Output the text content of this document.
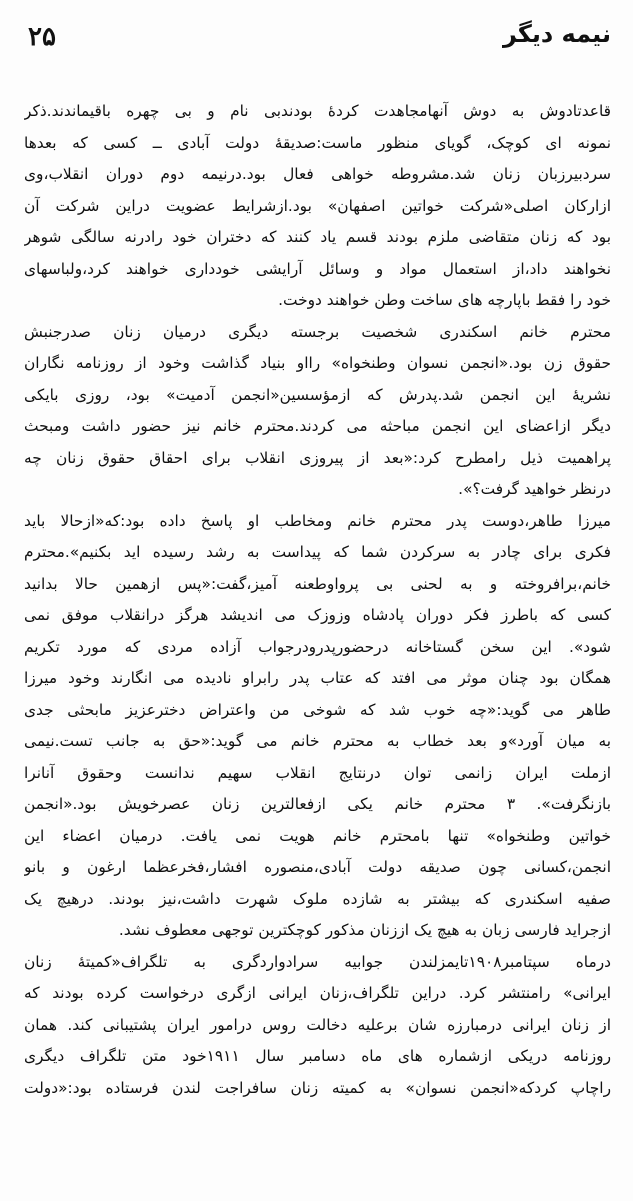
۲۵	نیمه دیگر
قاعدتادوش به دوش آنهامجاهدت کردهٔ بودندبی نام و بی چهره باقیماندند.ذکر
نمونه ای کوچک، گویای منظور ماست:صدیقهٔ دولت آبادی ــ کسی که بعدها
سردبیرزبان زنان شد.مشروطه خواهی فعال بود.درنیمه دوم دوران انقلاب،وی
ازارکان اصلی«شرکت خواتین اصفهان» بود.ازشرایط عضویت دراین شرکت آن
بود که زنان متقاضی ملزم بودند قسم یاد کنند که دختران خود رادرنه سالگی شوهر
نخواهند داد،از استعمال مواد و وسائل آرایشی خودداری خواهند کرد،ولباسهای
خود را فقط باپارچه های ساخت وطن خواهند دوخت.
محترم خانم اسکندری شخصیت برجسته دیگری درمیان زنان صدرجنبش
حقوق زن بود.«انجمن نسوان وطنخواه» رااو بنیاد گذاشت وخود از روزنامه نگاران
نشریهٔ این انجمن شد.پدرش که ازمؤسسین«انجمن آدمیت» بود، روزی بایکی
دیگر ازاعضای این انجمن مباحثه می کردند.محترم خانم نیز حضور داشت ومبحث
پراهمیت ذیل رامطرح کرد:«بعد از پیروزی انقلاب برای احقاق حقوق زنان چه
درنظر خواهید گرفت؟».
میرزا طاهر،دوست پدر محترم خانم ومخاطب او پاسخ داده بود:که«ازحالا باید
فکری برای چادر به سرکردن شما که پیداست به رشد رسیده اید بکنیم».محترم
خانم،برافروخته و به لحنی بی پرواوطعنه آمیز،گفت:«پس ازهمین حالا بدانید
کسی که باطرز فکر دوران پادشاه وزوزک می اندیشد هرگز درانقلاب موفق نمی
شود». این سخن گستاخانه درحضورپدرودرجواب آزاده مردی که مورد تکریم
همگان بود چنان موثر می افتد که عتاب پدر رابراو نادیده می انگارند وخود میرزا
طاهر می گوید:«چه خوب شد که شوخی من واعتراض دخترعزیز مابحثی جدی
به میان آورد»و بعد خطاب به محترم خانم می گوید:«حق به جانب تست.نیمی
ازملت ایران زانمی توان درنتایج انقلاب سهیم ندانست وحقوق آنانرا
بازنگرفت». ۳ محترم خانم یکی ازفعالترین زنان عصرخویش بود.«انجمن
خواتین وطنخواه» تنها بامحترم خانم هویت نمی یافت. درمیان اعضاء این
انجمن،کسانی چون صدیقه دولت آبادی،منصوره افشار،فخرعظما ارغون و بانو
صفیه اسکندری که بیشتر به شازده ملوک شهرت داشت،نیز بودند. درهیچ یک
ازجراید فارسی زبان به هیچ یک اززنان مذکور کوچکترین توجهی معطوف نشد.
درماه سپتامبر۱۹۰۸تایمزلندن جوابیه سرادواردگری به تلگراف«کمیتهٔ زنان
ایرانی» رامنتشر کرد. دراین تلگراف،زنان ایرانی ازگری درخواست کرده بودند که
از زنان ایرانی درمبارزه شان برعلیه دخالت روس درامور ایران پشتیبانی کند. همان
روزنامه دریکی ازشماره های ماه دسامبر سال ۱۹۱۱خود متن تلگراف دیگری
راچاپ کردکه«انجمن نسوان» به کمیته زنان سافراجت لندن فرستاده بود:«دولت
